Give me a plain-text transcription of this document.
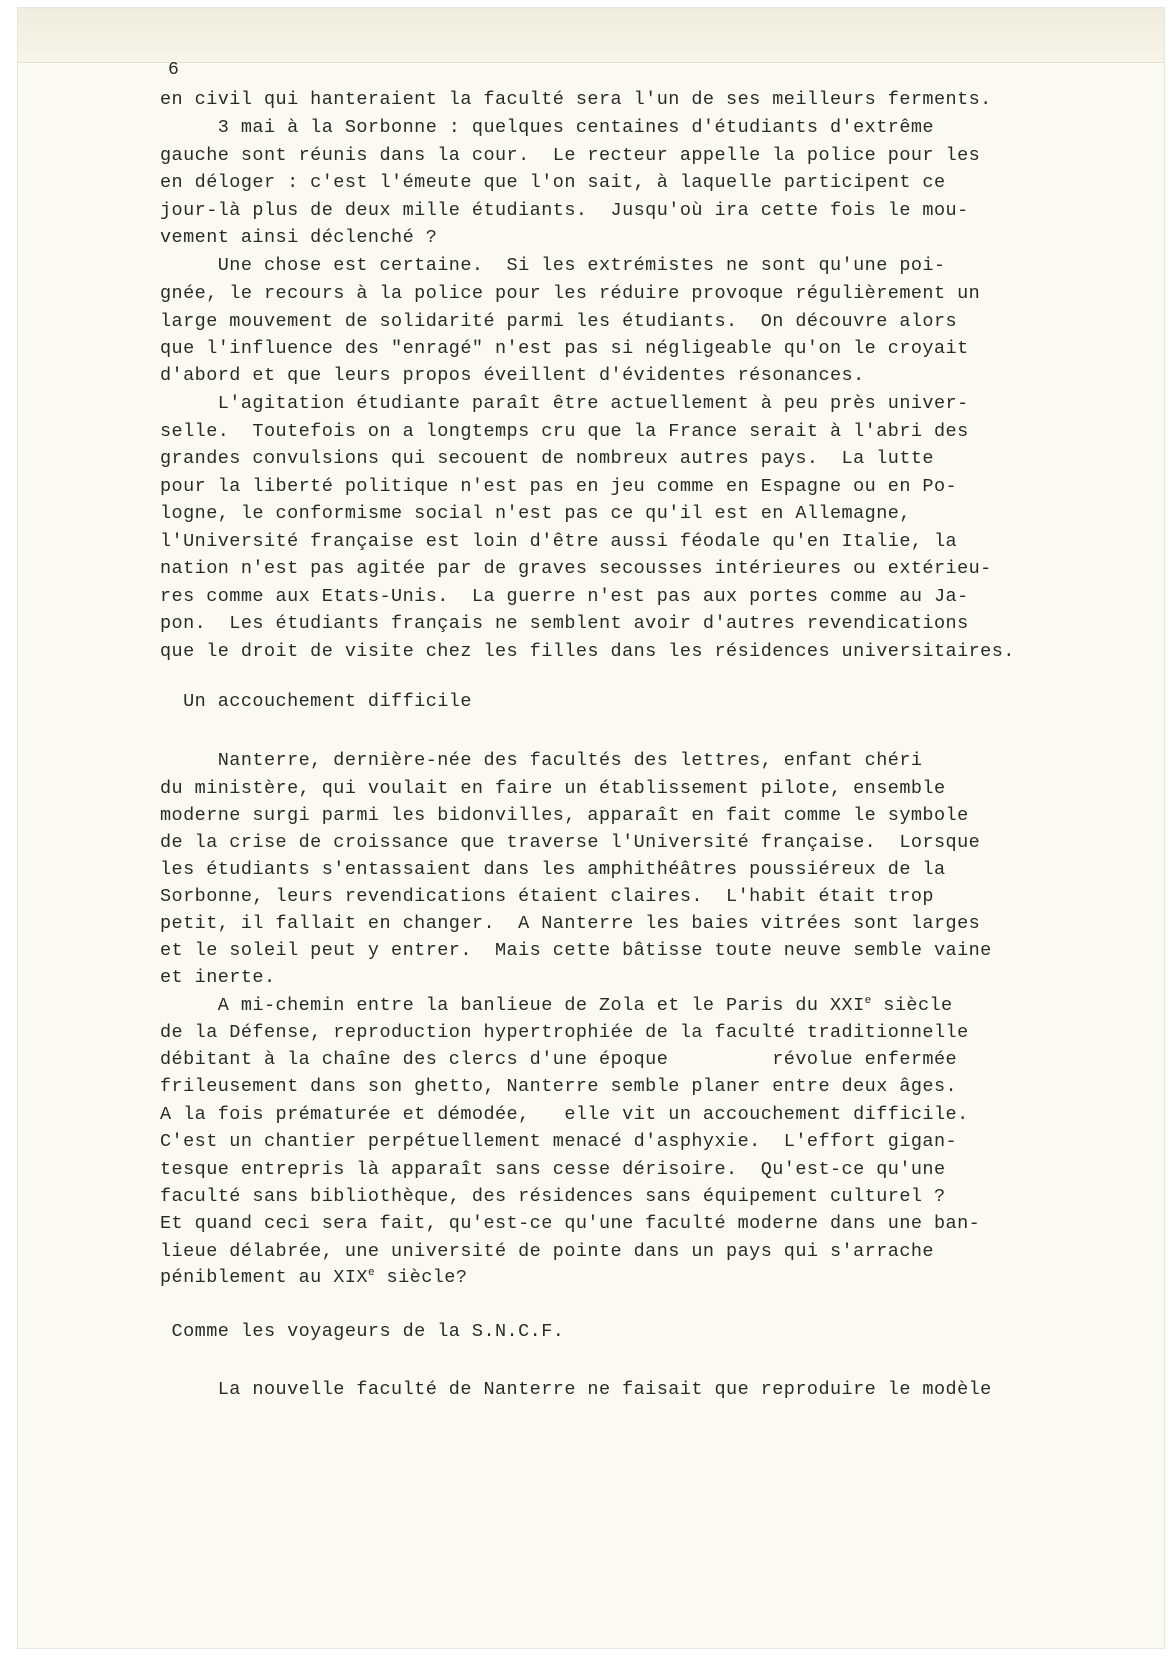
6
en civil qui hanteraient la faculté sera l'un de ses meilleurs ferments.
3 mai à la Sorbonne : quelques centaines d'étudiants d'extrême
gauche sont réunis dans la cour.  Le recteur appelle la police pour les
en déloger : c'est l'émeute que l'on sait, à laquelle participent ce
jour-là plus de deux mille étudiants.  Jusqu'où ira cette fois le mou-
vement ainsi déclenché ?
Une chose est certaine.  Si les extrémistes ne sont qu'une poi-
gnée, le recours à la police pour les réduire provoque régulièrement un
large mouvement de solidarité parmi les étudiants.  On découvre alors
que l'influence des "enragé" n'est pas si négligeable qu'on le croyait
d'abord et que leurs propos éveillent d'évidentes résonances.
L'agitation étudiante paraît être actuellement à peu près univer-
selle.  Toutefois on a longtemps cru que la France serait à l'abri des
grandes convulsions qui secouent de nombreux autres pays.  La lutte
pour la liberté politique n'est pas en jeu comme en Espagne ou en Po-
logne, le conformisme social n'est pas ce qu'il est en Allemagne,
l'Université française est loin d'être aussi féodale qu'en Italie, la
nation n'est pas agitée par de graves secousses intérieures ou extérieu-
res comme aux Etats-Unis.  La guerre n'est pas aux portes comme au Ja-
pon.  Les étudiants français ne semblent avoir d'autres revendications
que le droit de visite chez les filles dans les résidences universitaires.
Un accouchement difficile
Nanterre, dernière-née des facultés des lettres, enfant chéri
du ministère, qui voulait en faire un établissement pilote, ensemble
moderne surgi parmi les bidonvilles, apparaît en fait comme le symbole
de la crise de croissance que traverse l'Université française.  Lorsque
les étudiants s'entassaient dans les amphithéâtres poussiéreux de la
Sorbonne, leurs revendications étaient claires.  L'habit était trop
petit, il fallait en changer.  A Nanterre les baies vitrées sont larges
et le soleil peut y entrer.  Mais cette bâtisse toute neuve semble vaine
et inerte.
A mi-chemin entre la banlieue de Zola et le Paris du XXIe siècle
de la Défense, reproduction hypertrophiée de la faculté traditionnelle
débitant à la chaîne des clercs d'une époque         révolue enfermée
frileusement dans son ghetto, Nanterre semble planer entre deux âges.
A la fois prématurée et démodée,   elle vit un accouchement difficile.
C'est un chantier perpétuellement menacé d'asphyxie.  L'effort gigan-
tesque entrepris là apparaît sans cesse dérisoire.  Qu'est-ce qu'une
faculté sans bibliothèque, des résidences sans équipement culturel ?
Et quand ceci sera fait, qu'est-ce qu'une faculté moderne dans une ban-
lieue délabrée, une université de pointe dans un pays qui s'arrache
péniblement au XIXe siècle?
Comme les voyageurs de la S.N.C.F.
La nouvelle faculté de Nanterre ne faisait que reproduire le modèle
